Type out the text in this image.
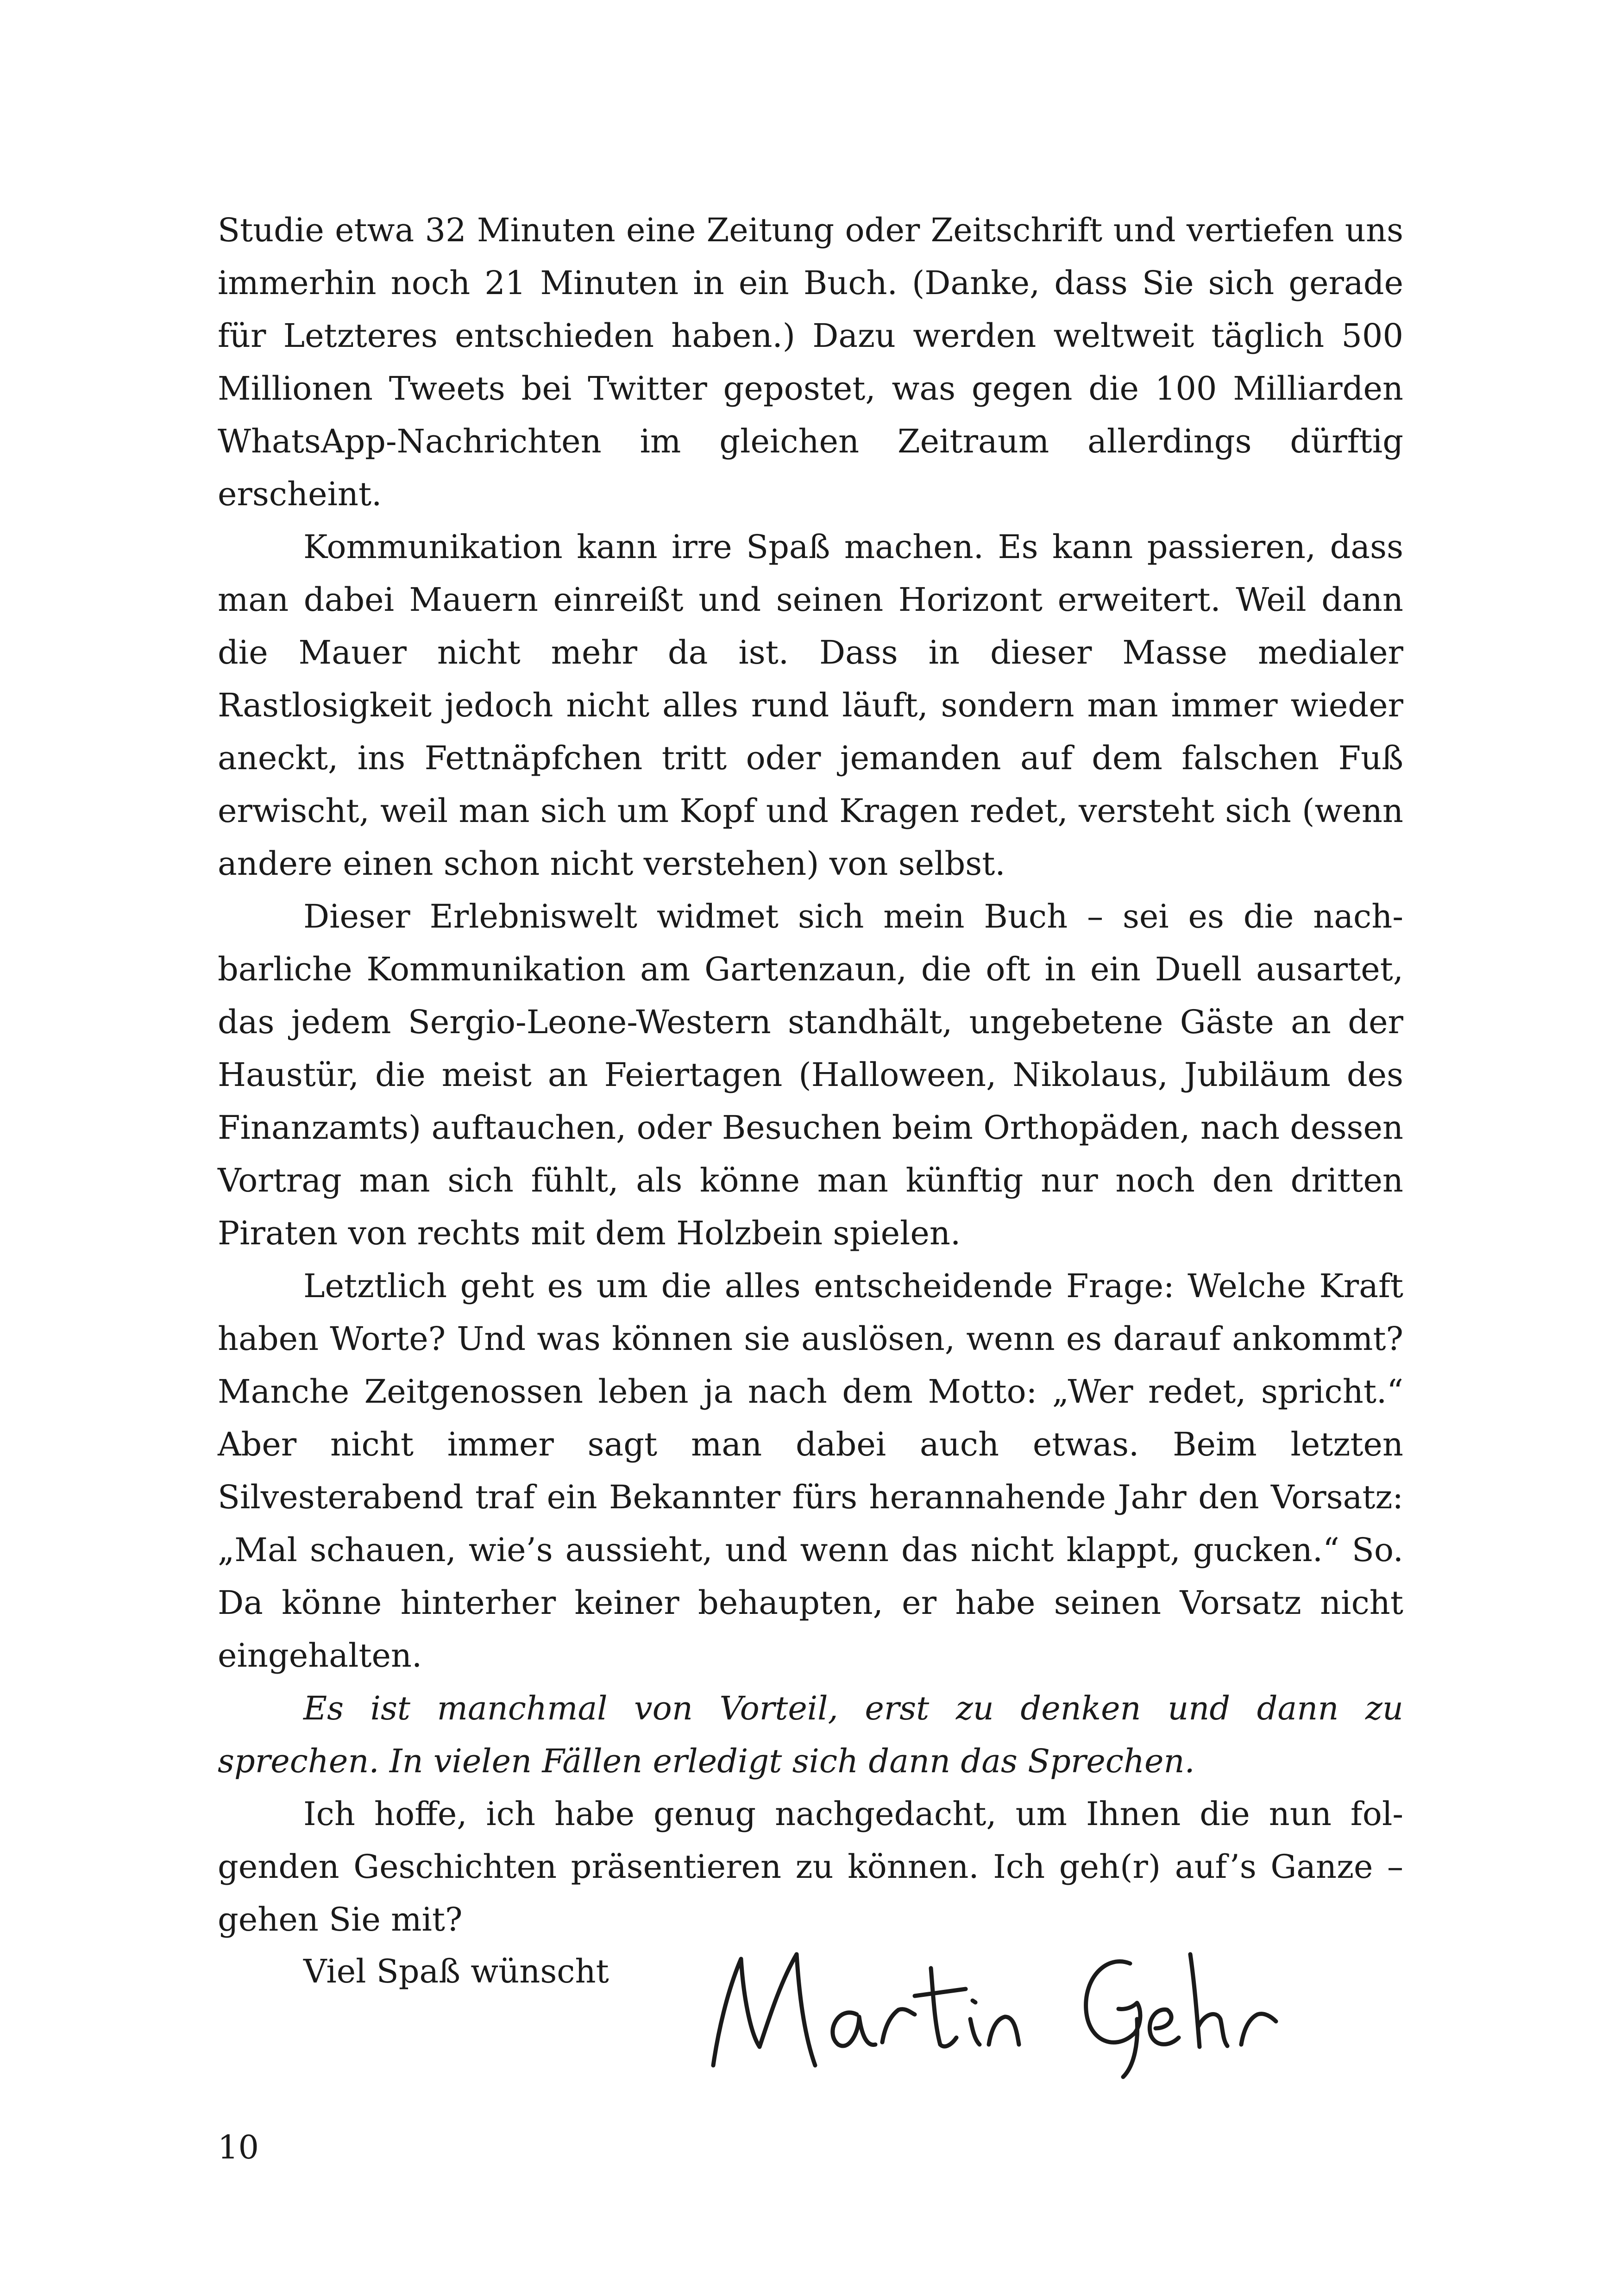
Studie etwa 32 Minuten eine Zeitung oder Zeitschrift und vertiefen uns immerhin noch 21 Minuten in ein Buch. (Danke, dass Sie sich gerade für Letzteres entschieden haben.) Dazu werden weltweit täglich 500 Millionen Tweets bei Twitter gepostet, was gegen die 100 Milliarden WhatsApp-Nachrichten im gleichen Zeitraum allerdings dürftig erscheint.

Kommunikation kann irre Spaß machen. Es kann passieren, dass man dabei Mauern einreißt und seinen Horizont erweitert. Weil dann die Mauer nicht mehr da ist. Dass in dieser Masse medialer Rastlosigkeit jedoch nicht alles rund läuft, sondern man immer wieder aneckt, ins Fettnäpfchen tritt oder jemanden auf dem falschen Fuß erwischt, weil man sich um Kopf und Kragen redet, versteht sich (wenn andere einen schon nicht verstehen) von selbst.

Dieser Erlebniswelt widmet sich mein Buch – sei es die nachbarliche Kommunikation am Gartenzaun, die oft in ein Duell ausartet, das jedem Sergio-Leone-Western standhält, ungebetene Gäste an der Haustür, die meist an Feiertagen (Halloween, Nikolaus, Jubiläum des Finanzamts) auftauchen, oder Besuchen beim Orthopäden, nach dessen Vortrag man sich fühlt, als könne man künftig nur noch den dritten Piraten von rechts mit dem Holzbein spielen.

Letztlich geht es um die alles entscheidende Frage: Welche Kraft haben Worte? Und was können sie auslösen, wenn es darauf ankommt? Manche Zeitgenossen leben ja nach dem Motto: „Wer redet, spricht.“ Aber nicht immer sagt man dabei auch etwas. Beim letzten Silvesterabend traf ein Bekannter fürs herannahende Jahr den Vorsatz: „Mal schauen, wie’s aussieht, und wenn das nicht klappt, gucken.“ So. Da könne hinterher keiner behaupten, er habe seinen Vorsatz nicht eingehalten.

Es ist manchmal von Vorteil, erst zu denken und dann zu sprechen. In vielen Fällen erledigt sich dann das Sprechen.

Ich hoffe, ich habe genug nachgedacht, um Ihnen die nun folgenden Geschichten präsentieren zu können. Ich geh(r) auf’s Ganze – gehen Sie mit?

Viel Spaß wünscht
10
